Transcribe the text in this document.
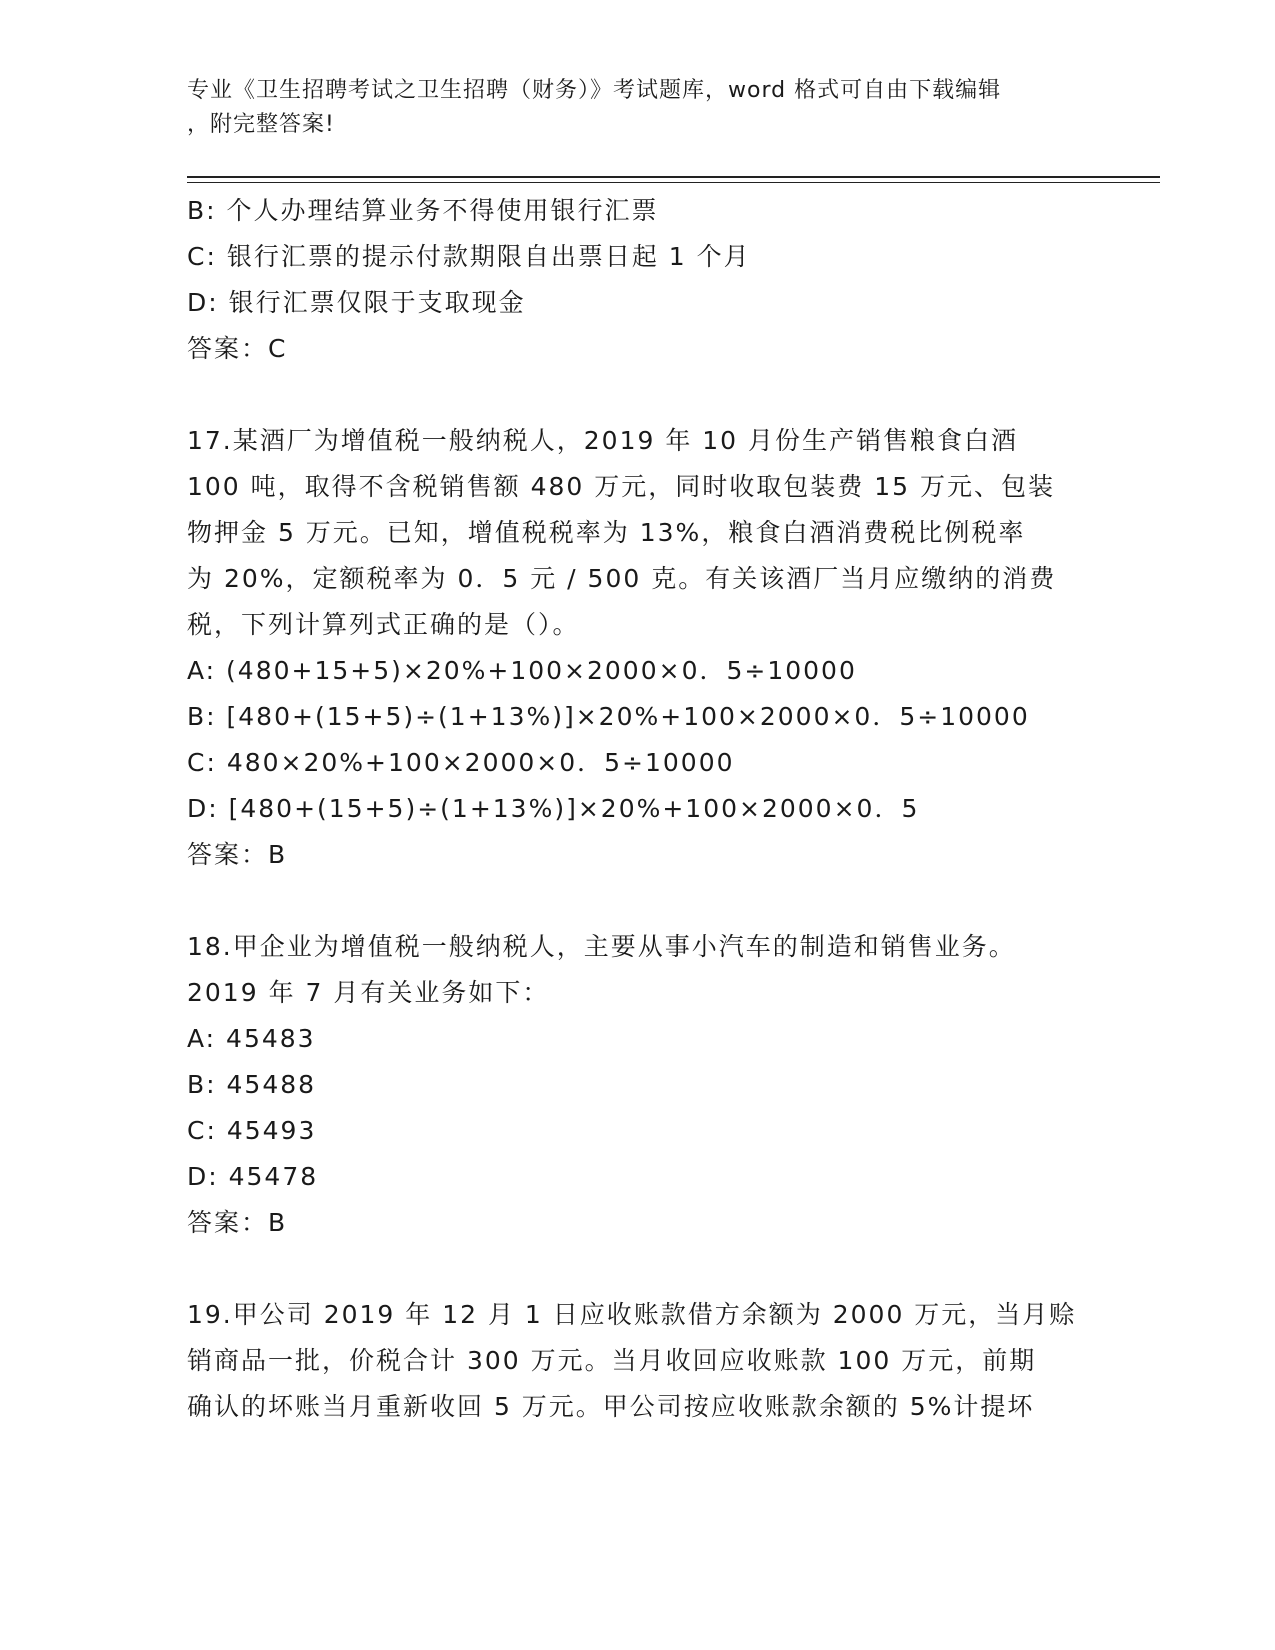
专业《卫生招聘考试之卫生招聘（财务）》考试题库，word 格式可自由下载编辑
，附完整答案!
B: 个人办理结算业务不得使用银行汇票
C: 银行汇票的提示付款期限自出票日起 1 个月
D: 银行汇票仅限于支取现金
答案：C
17.某酒厂为增值税一般纳税人，2019 年 10 月份生产销售粮食白酒
100 吨，取得不含税销售额 480 万元，同时收取包装费 15 万元、包装
物押金 5 万元。已知，增值税税率为 13%，粮食白酒消费税比例税率
为 20%，定额税率为 0．5 元 / 500 克。有关该酒厂当月应缴纳的消费
税，下列计算列式正确的是（）。
A: (480+15+5)×20%+100×2000×0．5÷10000
B: [480+(15+5)÷(1+13%)]×20%+100×2000×0．5÷10000
C: 480×20%+100×2000×0．5÷10000
D: [480+(15+5)÷(1+13%)]×20%+100×2000×0．5
答案：B
18.甲企业为增值税一般纳税人，主要从事小汽车的制造和销售业务。
2019 年 7 月有关业务如下：
A: 45483
B: 45488
C: 45493
D: 45478
答案：B
19.甲公司 2019 年 12 月 1 日应收账款借方余额为 2000 万元，当月赊
销商品一批，价税合计 300 万元。当月收回应收账款 100 万元，前期
确认的坏账当月重新收回 5 万元。甲公司按应收账款余额的 5%计提坏
